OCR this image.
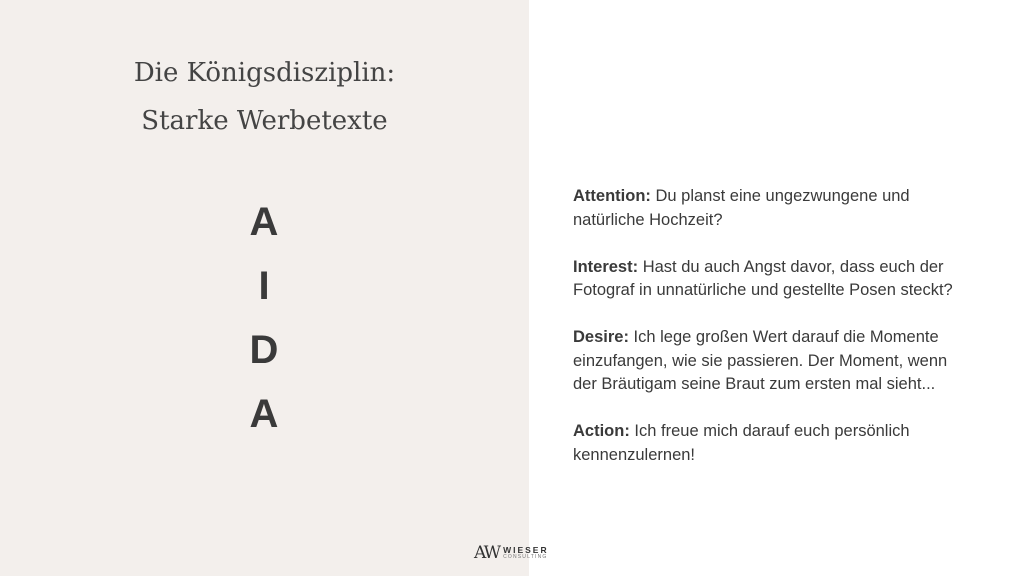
Die Königsdisziplin:
Starke Werbetexte
A
I
D
A

Attention: Du planst eine ungezwungene und natürliche Hochzeit?

Interest: Hast du auch Angst davor, dass euch der Fotograf in unnatürliche und gestellte Posen steckt?

Desire: Ich lege großen Wert darauf die Momente einzufangen, wie sie passieren. Der Moment, wenn der Bräutigam seine Braut zum ersten mal sieht...

Action: Ich freue mich darauf euch persönlich kennenzulernen!

AW WIESER
CONSULTING
